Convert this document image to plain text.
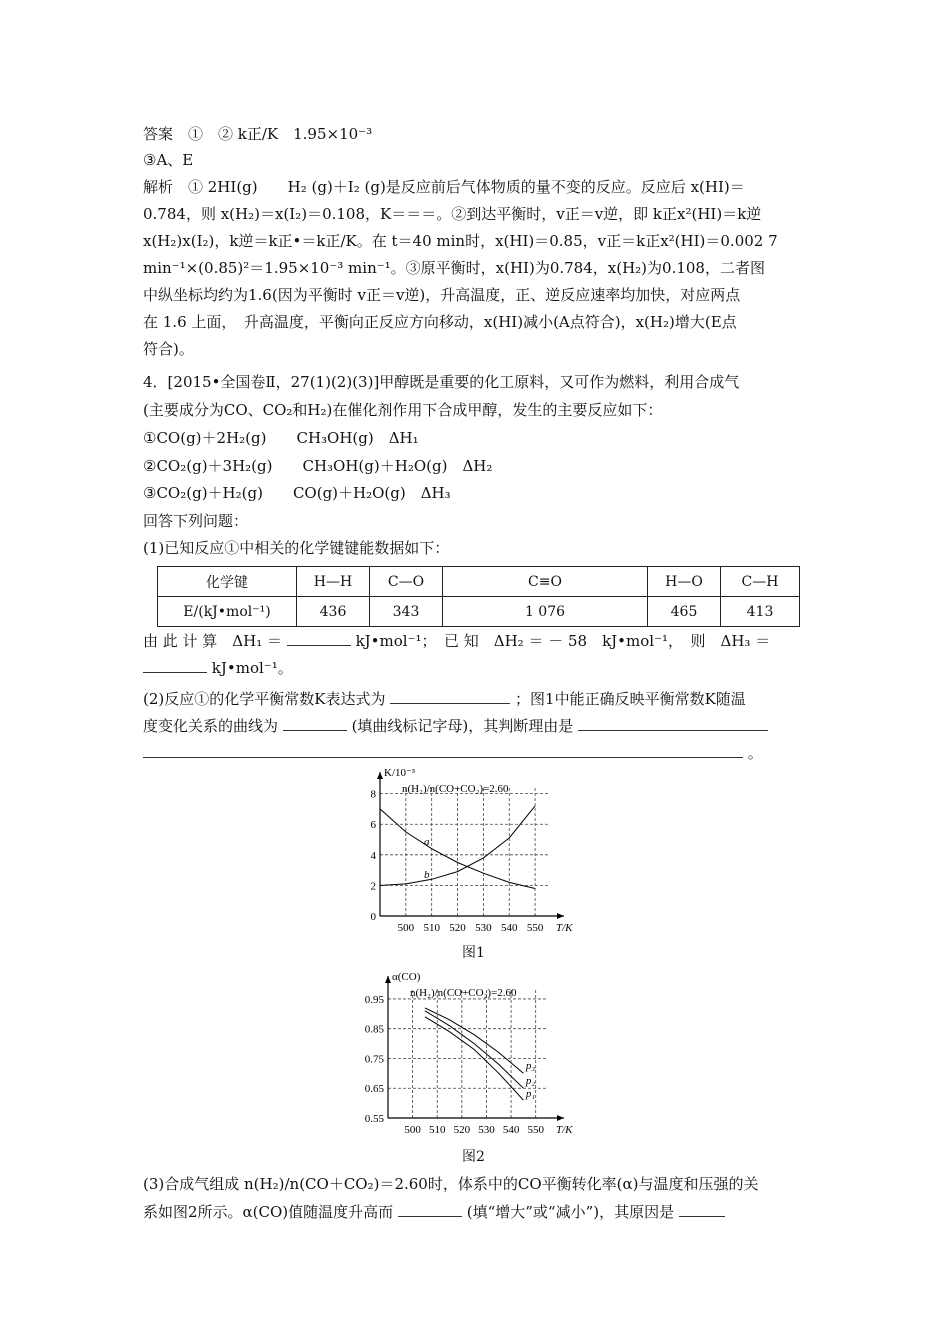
答案　①　② k正/K　1.95×10⁻³
③A、E
解析　① 2HI(g)　　H₂ (g)＋I₂ (g)是反应前后气体物质的量不变的反应。反应后 x(HI)＝
0.784，则 x(H₂)＝x(I₂)＝0.108，K＝＝＝。②到达平衡时，v正＝v逆，即 k正x²(HI)＝k逆
x(H₂)x(I₂)，k逆＝k正•＝k正/K。在 t＝40 min时，x(HI)＝0.85，v正＝k正x²(HI)＝0.002 7
min⁻¹×(0.85)²＝1.95×10⁻³ min⁻¹。③原平衡时，x(HI)为0.784，x(H₂)为0.108，二者图
中纵坐标均约为1.6(因为平衡时 v正＝v逆)，升高温度，正、逆反应速率均加快，对应两点
在 1.6 上面，　升高温度，平衡向正反应方向移动，x(HI)减小(A点符合)，x(H₂)增大(E点
符合)。
4．[2015•全国卷Ⅱ，27(1)(2)(3)]甲醇既是重要的化工原料，又可作为燃料，利用合成气
(主要成分为CO、CO₂和H₂)在催化剂作用下合成甲醇，发生的主要反应如下：
①CO(g)＋2H₂(g)　　CH₃OH(g)　ΔH₁
②CO₂(g)＋3H₂(g)　　CH₃OH(g)＋H₂O(g)　ΔH₂
③CO₂(g)＋H₂(g)　　CO(g)＋H₂O(g)　ΔH₃
回答下列问题：
(1)已知反应①中相关的化学键键能数据如下：
化学键	H—H	C—O	C≡O	H—O	C—H
E/(kJ•mol⁻¹)	436	343	1 076	465	413
由 此 计 算　ΔH₁ ＝	kJ•mol⁻¹；　已 知　ΔH₂ ＝ － 58　kJ•mol⁻¹，　则　ΔH₃ ＝
kJ•mol⁻¹。
(2)反应①的化学平衡常数K表达式为	；图1中能正确反映平衡常数K随温
度变化关系的曲线为	(填曲线标记字母)，其判断理由是
。
500 510 520 530 540 550
0
2
4
6
8
K/10⁻³
T/K
n(H₂)/n(CO+CO₂)=2.60
a
b
图1
500 510 520 530 540 550
0.55
0.65
0.75
0.85
0.95
α(CO)
T/K
n(H₂)/n(CO+CO₂)=2.60
p₃
p₂
p₁
图2
(3)合成气组成 n(H₂)/n(CO＋CO₂)＝2.60时，体系中的CO平衡转化率(α)与温度和压强的关
系如图2所示。α(CO)值随温度升高而	(填“增大”或“减小”)，其原因是
